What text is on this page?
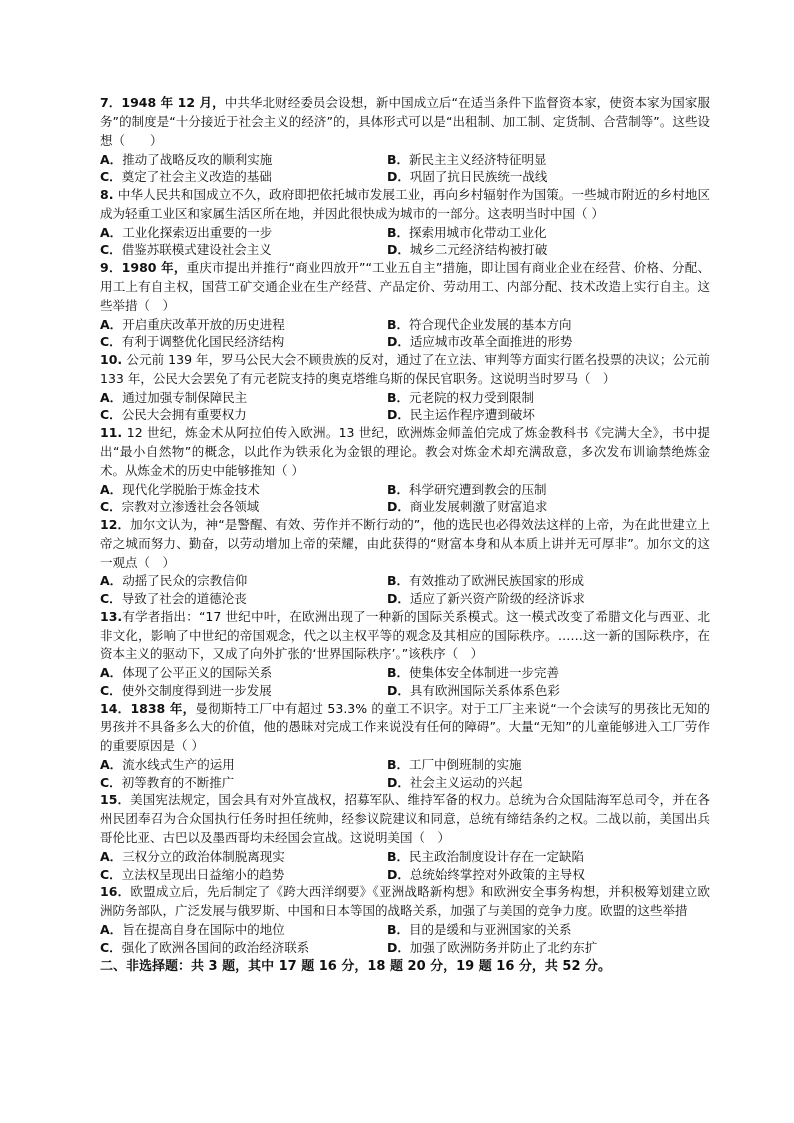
7．1948 年 12 月，中共华北财经委员会设想，新中国成立后“在适当条件下监督资本家，使资本家为国家服务”的制度是“十分接近于社会主义的经济”的，具体形式可以是“出租制、加工制、定货制、合营制等”。这些设想（　　）

A．推动了战略反攻的顺利实施	B．新民主主义经济特征明显
C．奠定了社会主义改造的基础	D．巩固了抗日民族统一战线

8. 中华人民共和国成立不久，政府即把依托城市发展工业，再向乡村辐射作为国策。一些城市附近的乡村地区成为轻重工业区和家属生活区所在地，并因此很快成为城市的一部分。这表明当时中国（ ）

A．工业化探索迈出重要的一步	B．探索用城市化带动工业化
C．借鉴苏联模式建设社会主义	D．城乡二元经济结构被打破

9．1980 年，重庆市提出并推行“商业四放开”“工业五自主”措施，即让国有商业企业在经营、价格、分配、用工上有自主权，国营工矿交通企业在生产经营、产品定价、劳动用工、内部分配、技术改造上实行自主。这些举措（　）

A．开启重庆改革开放的历史进程	B．符合现代企业发展的基本方向
C．有利于调整优化国民经济结构	D．适应城市改革全面推进的形势

10. 公元前 139 年，罗马公民大会不顾贵族的反对，通过了在立法、审判等方面实行匿名投票的决议；公元前 133 年，公民大会罢免了有元老院支持的奥克塔维乌斯的保民官职务。这说明当时罗马（　）

A．通过加强专制保障民主	B．元老院的权力受到限制
C．公民大会拥有重要权力	D．民主运作程序遭到破坏

11. 12 世纪，炼金术从阿拉伯传入欧洲。13 世纪，欧洲炼金师盖伯完成了炼金教科书《完满大全》，书中提出“最小自然物”的概念，以此作为铁汞化为金银的理论。教会对炼金术却充满敌意，多次发布训谕禁绝炼金术。从炼金术的历史中能够推知（ ）

A．现代化学脱胎于炼金技术	B．科学研究遭到教会的压制
C．宗教对立渗透社会各领域	D．商业发展刺激了财富追求

12．加尔文认为，神“是警醒、有效、劳作并不断行动的”，他的选民也必得效法这样的上帝，为在此世建立上帝之城而努力、勤奋，以劳动增加上帝的荣耀，由此获得的“财富本身和从本质上讲并无可厚非”。加尔文的这一观点（　）

A．动摇了民众的宗教信仰	B．有效推动了欧洲民族国家的形成
C．导致了社会的道德沦丧	D．适应了新兴资产阶级的经济诉求

13.有学者指出：“17 世纪中叶，在欧洲出现了一种新的国际关系模式。这一模式改变了希腊文化与西亚、北非文化，影响了中世纪的帝国观念，代之以主权平等的观念及其相应的国际秩序。……这一新的国际秩序，在资本主义的驱动下，又成了向外扩张的‘世界国际秩序’。”该秩序（　）

A．体现了公平正义的国际关系	B．使集体安全体制进一步完善
C．使外交制度得到进一步发展	D．具有欧洲国际关系体系色彩

14．1838 年，曼彻斯特工厂中有超过 53.3% 的童工不识字。对于工厂主来说“一个会读写的男孩比无知的男孩并不具备多么大的价值，他的愚昧对完成工作来说没有任何的障碍”。大量“无知”的儿童能够进入工厂劳作的重要原因是（ ）

A．流水线式生产的运用	B．工厂中倒班制的实施
C．初等教育的不断推广	D．社会主义运动的兴起

15．美国宪法规定，国会具有对外宣战权，招募军队、维持军备的权力。总统为合众国陆海军总司令，并在各州民团奉召为合众国执行任务时担任统帅，经参议院建议和同意，总统有缔结条约之权。二战以前，美国出兵哥伦比亚、古巴以及墨西哥均未经国会宣战。这说明美国（　）

A．三权分立的政治体制脱离现实	B．民主政治制度设计存在一定缺陷
C．立法权呈现出日益缩小的趋势	D．总统始终掌控对外政策的主导权

16．欧盟成立后，先后制定了《跨大西洋纲要》《亚洲战略新构想》和欧洲安全事务构想，并积极筹划建立欧洲防务部队，广泛发展与俄罗斯、中国和日本等国的战略关系，加强了与美国的竞争力度。欧盟的这些举措

A．旨在提高自身在国际中的地位	B．目的是缓和与亚洲国家的关系
C．强化了欧洲各国间的政治经济联系	D．加强了欧洲防务并防止了北约东扩
二、非选择题：共 3 题，其中 17 题 16 分，18 题 20 分，19 题 16 分，共 52 分。
